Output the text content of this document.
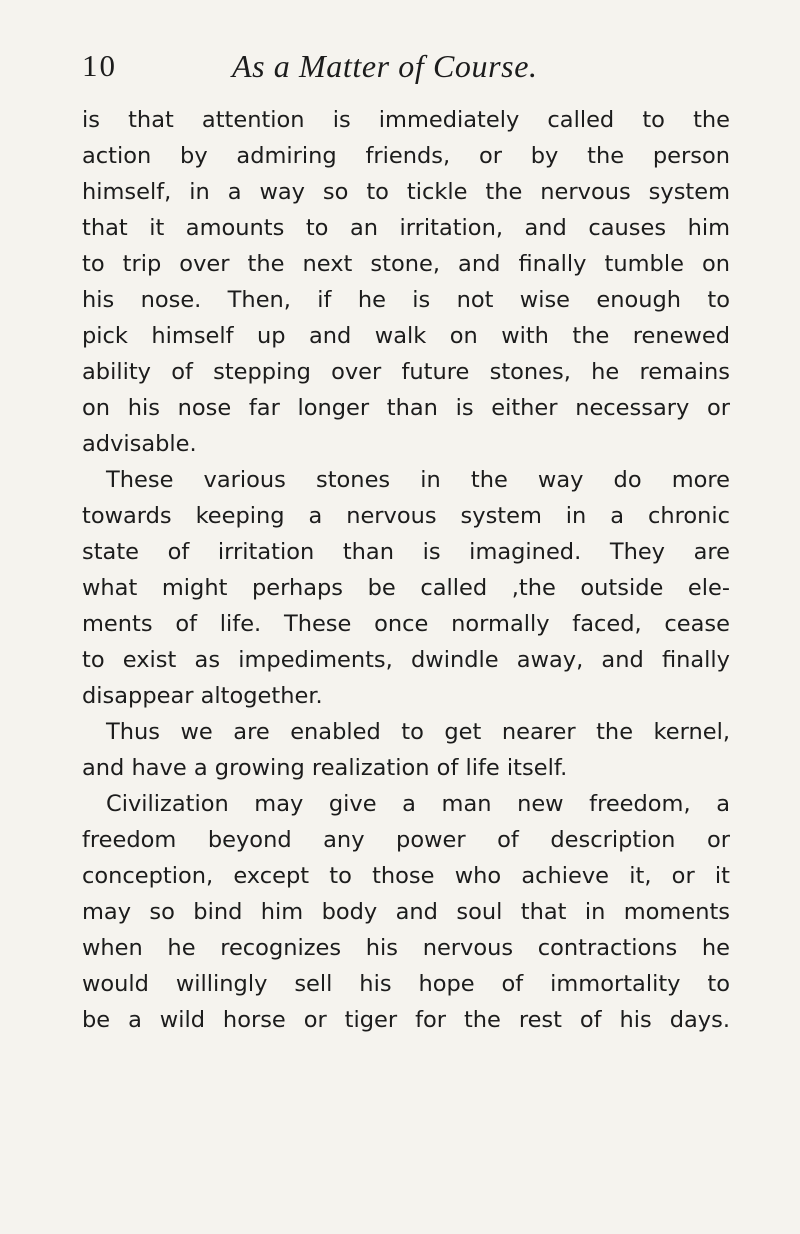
10	As a Matter of Course.
is that attention is immediately called to the
action by admiring friends, or by the person
himself, in a way so to tickle the nervous system
that it amounts to an irritation, and causes him
to trip over the next stone, and finally tumble on
his nose. Then, if he is not wise enough to
pick himself up and walk on with the renewed
ability of stepping over future stones, he remains
on his nose far longer than is either necessary or
advisable.
These various stones in the way do more
towards keeping a nervous system in a chronic
state of irritation than is imagined. They are
what might perhaps be called ,the outside ele-
ments of life. These once normally faced, cease
to exist as impediments, dwindle away, and finally
disappear altogether.
Thus we are enabled to get nearer the kernel,
and have a growing realization of life itself.
Civilization may give a man new freedom, a
freedom beyond any power of description or
conception, except to those who achieve it, or it
may so bind him body and soul that in moments
when he recognizes his nervous contractions he
would willingly sell his hope of immortality to
be a wild horse or tiger for the rest of his days.
